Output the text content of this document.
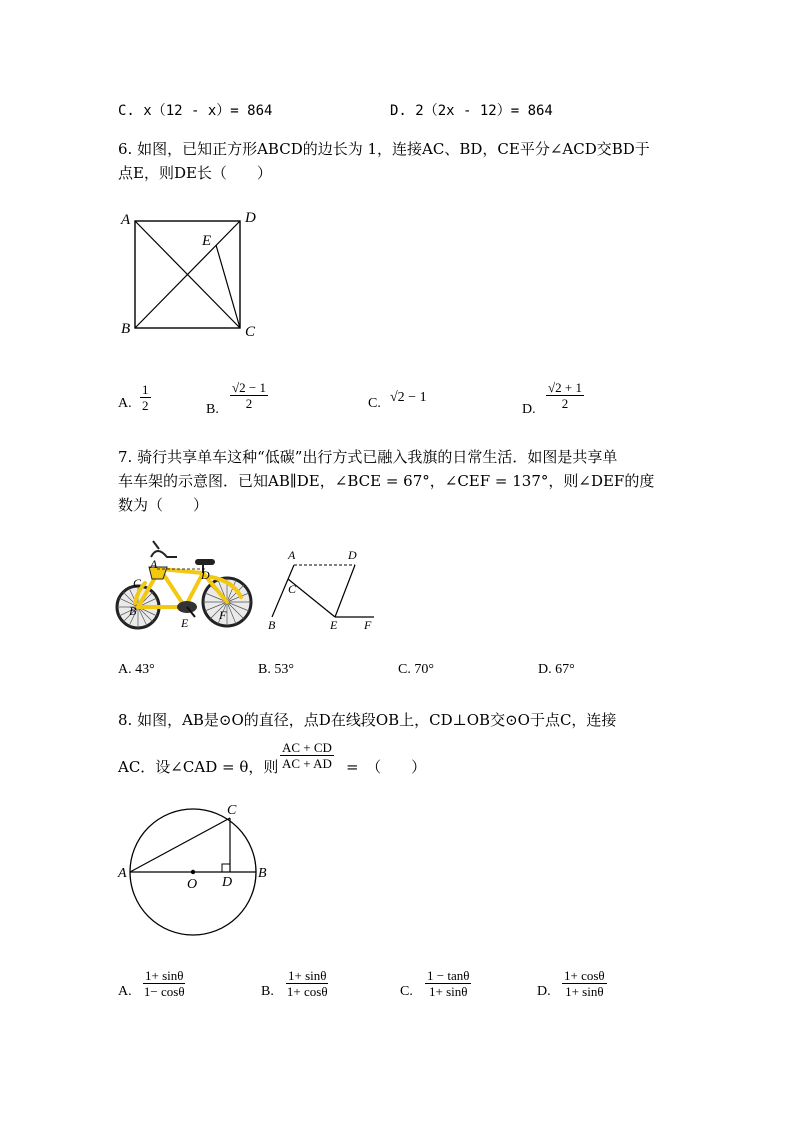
C. x（12 - x）= 864	D. 2（2x - 12）= 864
6. 如图，已知正方形ABCD的边长为 1，连接AC、BD，CE平分∠ACD交BD于
点E，则DE长（　　）
A	D
E
B	C
A. $\frac{1}{2}$	B. $\frac{√2 - 1}{2}$	C. √2 − 1
D. $\frac{√2 + 1}{2}$
7. 骑行共享单车这种“低碳”出行方式已融入我旗的日常生活．如图是共享单
车车架的示意图．已知AB∥DE，∠BCE = 67°，∠CEF = 137°，则∠DEF的度
数为（　　）
A
D
C
B
E
F
A	D
C
B	E F
A. 43°	B. 53°	C. 70°	D. 67°
8. 如图，AB是⊙O的直径，点D在线段OB上，CD⊥OB交⊙O于点C，连接
AC．设∠CAD = θ，则 $\frac{AC + CD}{AC + AD}$ =　（　　）
A
C
O D
B
A. $\frac{1+ \sin\theta}{1- \cos\theta}$	B. $\frac{1+ \sin\theta}{1+ \cos\theta}$	C. $\frac{1 - \tan\theta}{1+ \sin\theta}$	D. $\frac{1+ \cos\theta}{1+ \sin\theta}$
